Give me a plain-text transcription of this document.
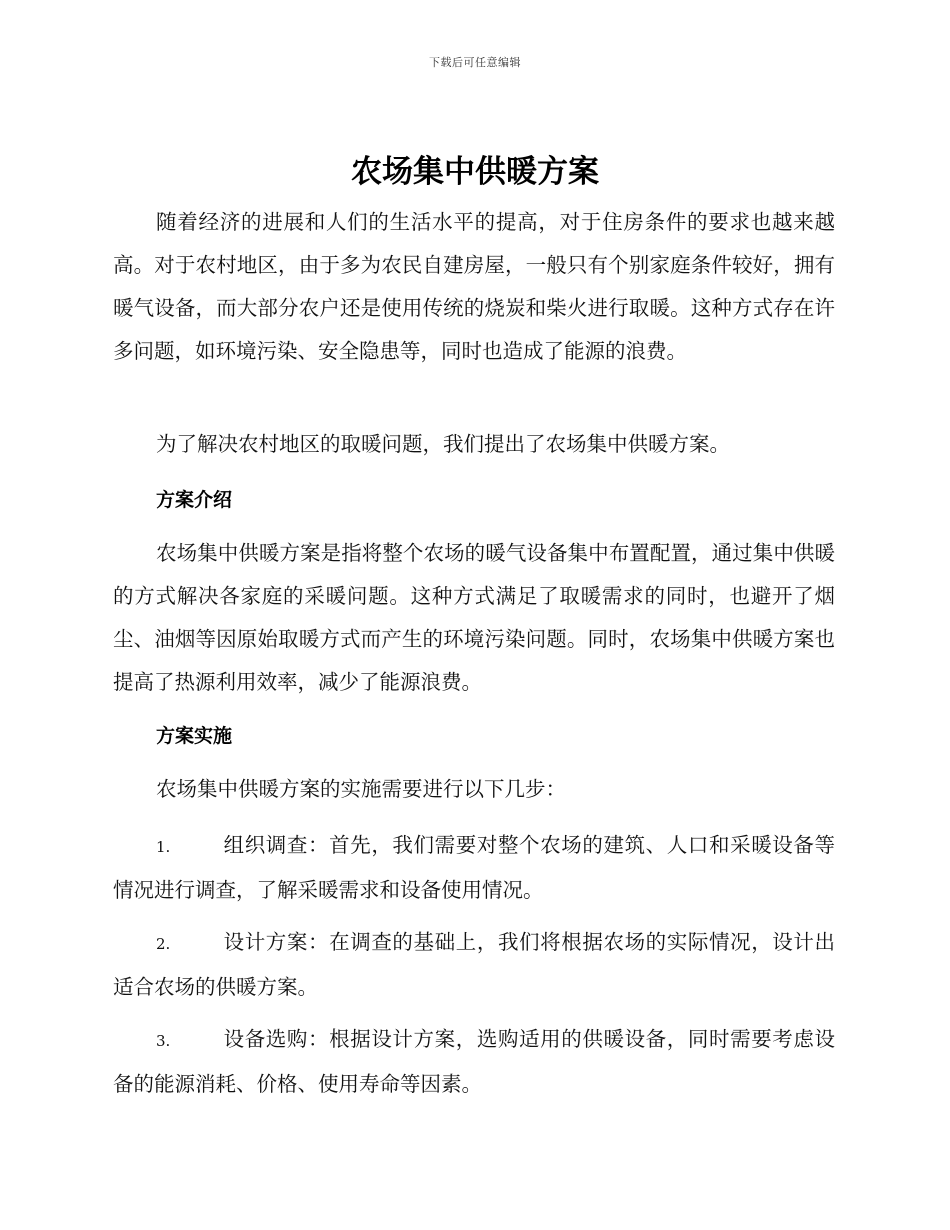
下载后可任意编辑
农场集中供暖方案

随着经济的进展和人们的生活水平的提高，对于住房条件的要求也越来越高。对于农村地区，由于多为农民自建房屋，一般只有个别家庭条件较好，拥有暖气设备，而大部分农户还是使用传统的烧炭和柴火进行取暖。这种方式存在许多问题，如环境污染、安全隐患等，同时也造成了能源的浪费。

为了解决农村地区的取暖问题，我们提出了农场集中供暖方案。

方案介绍

农场集中供暖方案是指将整个农场的暖气设备集中布置配置，通过集中供暖的方式解决各家庭的采暖问题。这种方式满足了取暖需求的同时，也避开了烟尘、油烟等因原始取暖方式而产生的环境污染问题。同时，农场集中供暖方案也提高了热源利用效率，减少了能源浪费。

方案实施

农场集中供暖方案的实施需要进行以下几步：

1.	组织调查：首先，我们需要对整个农场的建筑、人口和采暖设备等情况进行调查，了解采暖需求和设备使用情况。

2.	设计方案：在调查的基础上，我们将根据农场的实际情况，设计出适合农场的供暖方案。

3.	设备选购：根据设计方案，选购适用的供暖设备，同时需要考虑设备的能源消耗、价格、使用寿命等因素。
